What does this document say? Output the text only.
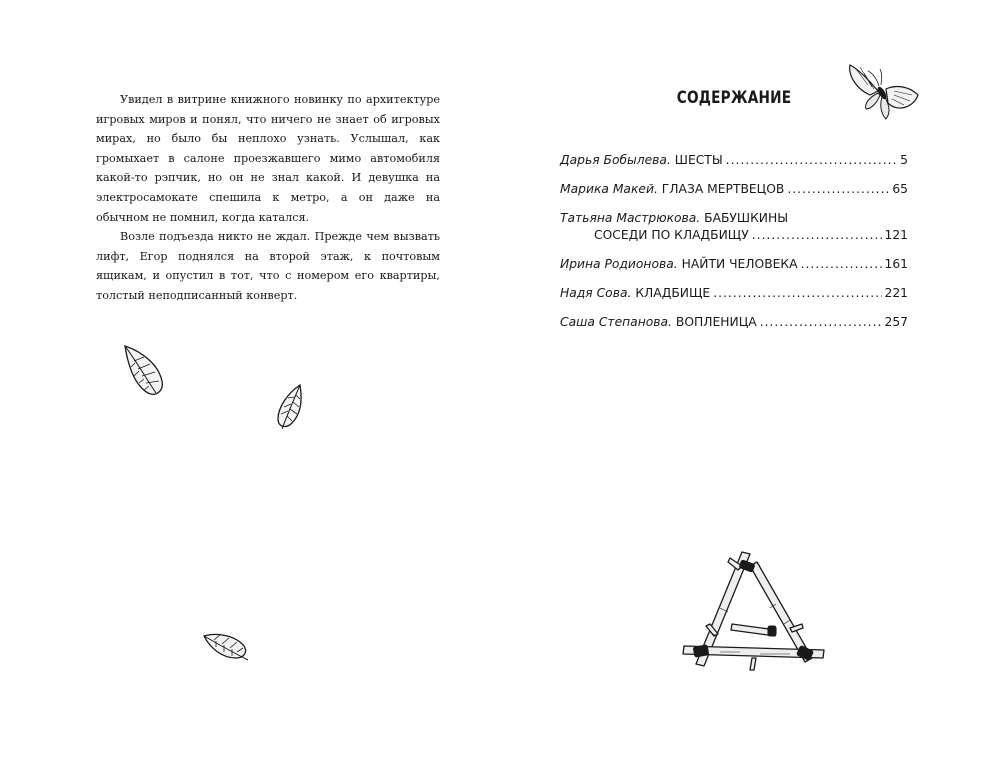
Увидел в витрине книжного новинку по архитектуре игровых миров и понял, что ничего не знает об игровых мирах, но было бы неплохо узнать. Услышал, как громыхает в салоне проезжавшего мимо автомобиля какой-то рэпчик, но он не знал какой. И девушка на электросамокате спешила к метро, а он даже на обычном не помнил, когда катался.

Возле подъезда никто не ждал. Прежде чем вызвать лифт, Егор поднялся на второй этаж, к почтовым ящикам, и опустил в тот, что с номером его квартиры, толстый неподписанный конверт.

СОДЕРЖАНИЕ
Дарья Бобылева.
ШЕСТЫ .....	5
Марика Макей.
ГЛАЗА МЕРТВЕЦОВ .....	65
Татьяна Мастрюкова.
БАБУШКИНЫ
СОСЕДИ ПО КЛАДБИЩУ .....	121
Ирина Родионова.
НАЙТИ ЧЕЛОВЕКА .....	161
Надя Сова.
КЛАДБИЩЕ .....	221
Саша Степанова.
ВОПЛЕНИЦА .....	257
